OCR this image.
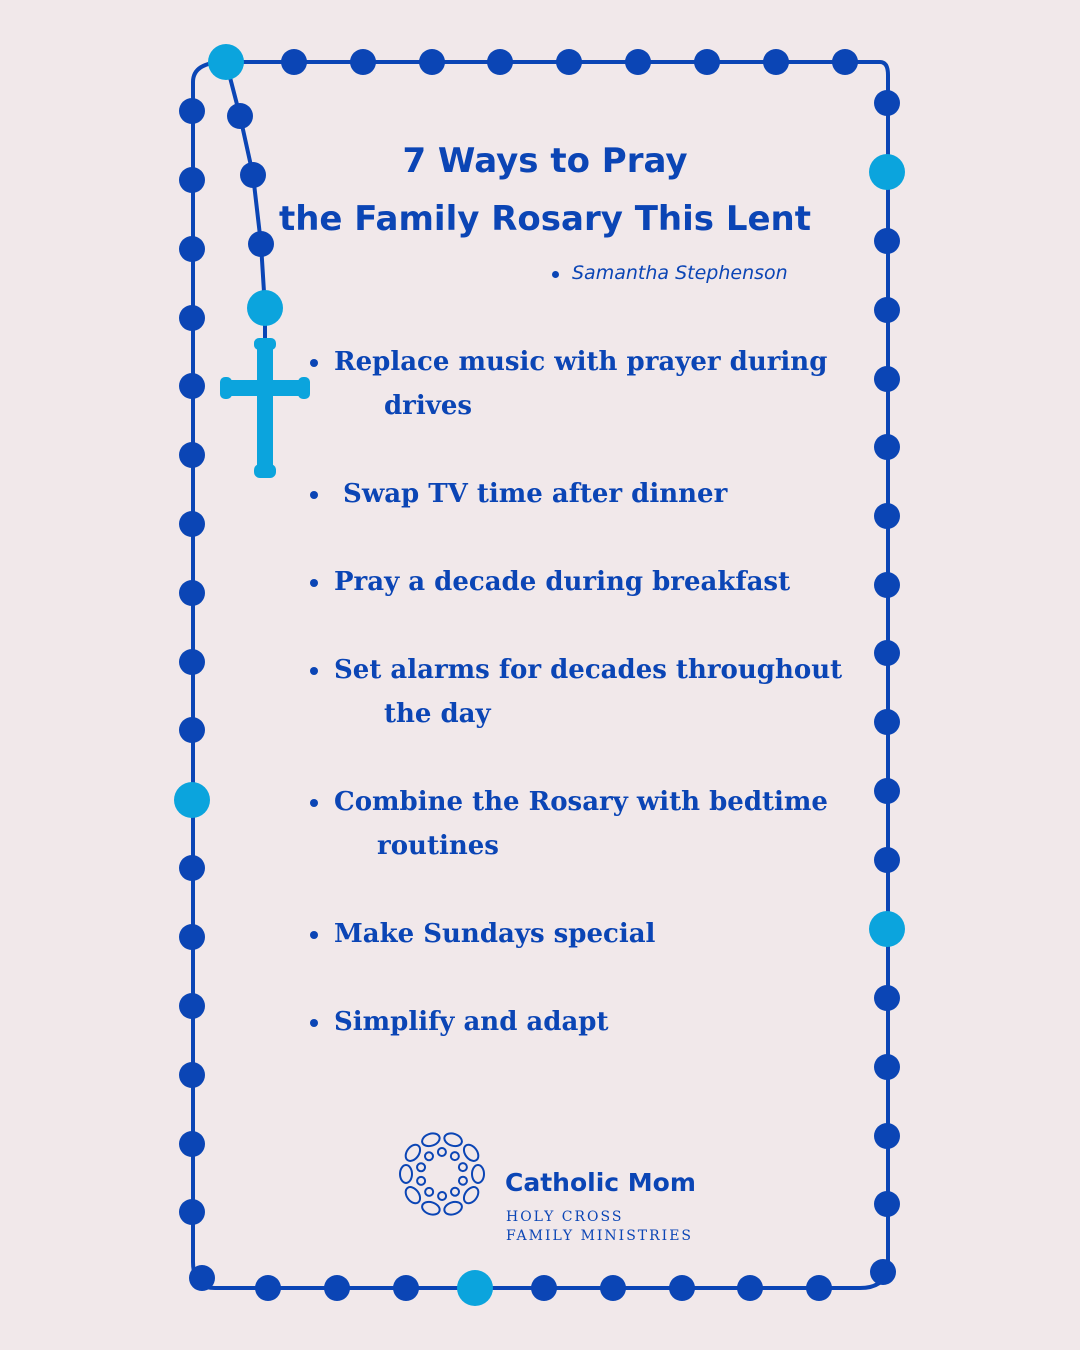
7 Ways to Pray
the Family Rosary This Lent
Samantha Stephenson
Replace music with prayer during
drives
Swap TV time after dinner
Pray a decade during breakfast
Set alarms for decades throughout
the day
Combine the Rosary with bedtime
routines
Make Sundays special
Simplify and adapt
Catholic Mom
HOLY CROSS
FAMILY MINISTRIES
